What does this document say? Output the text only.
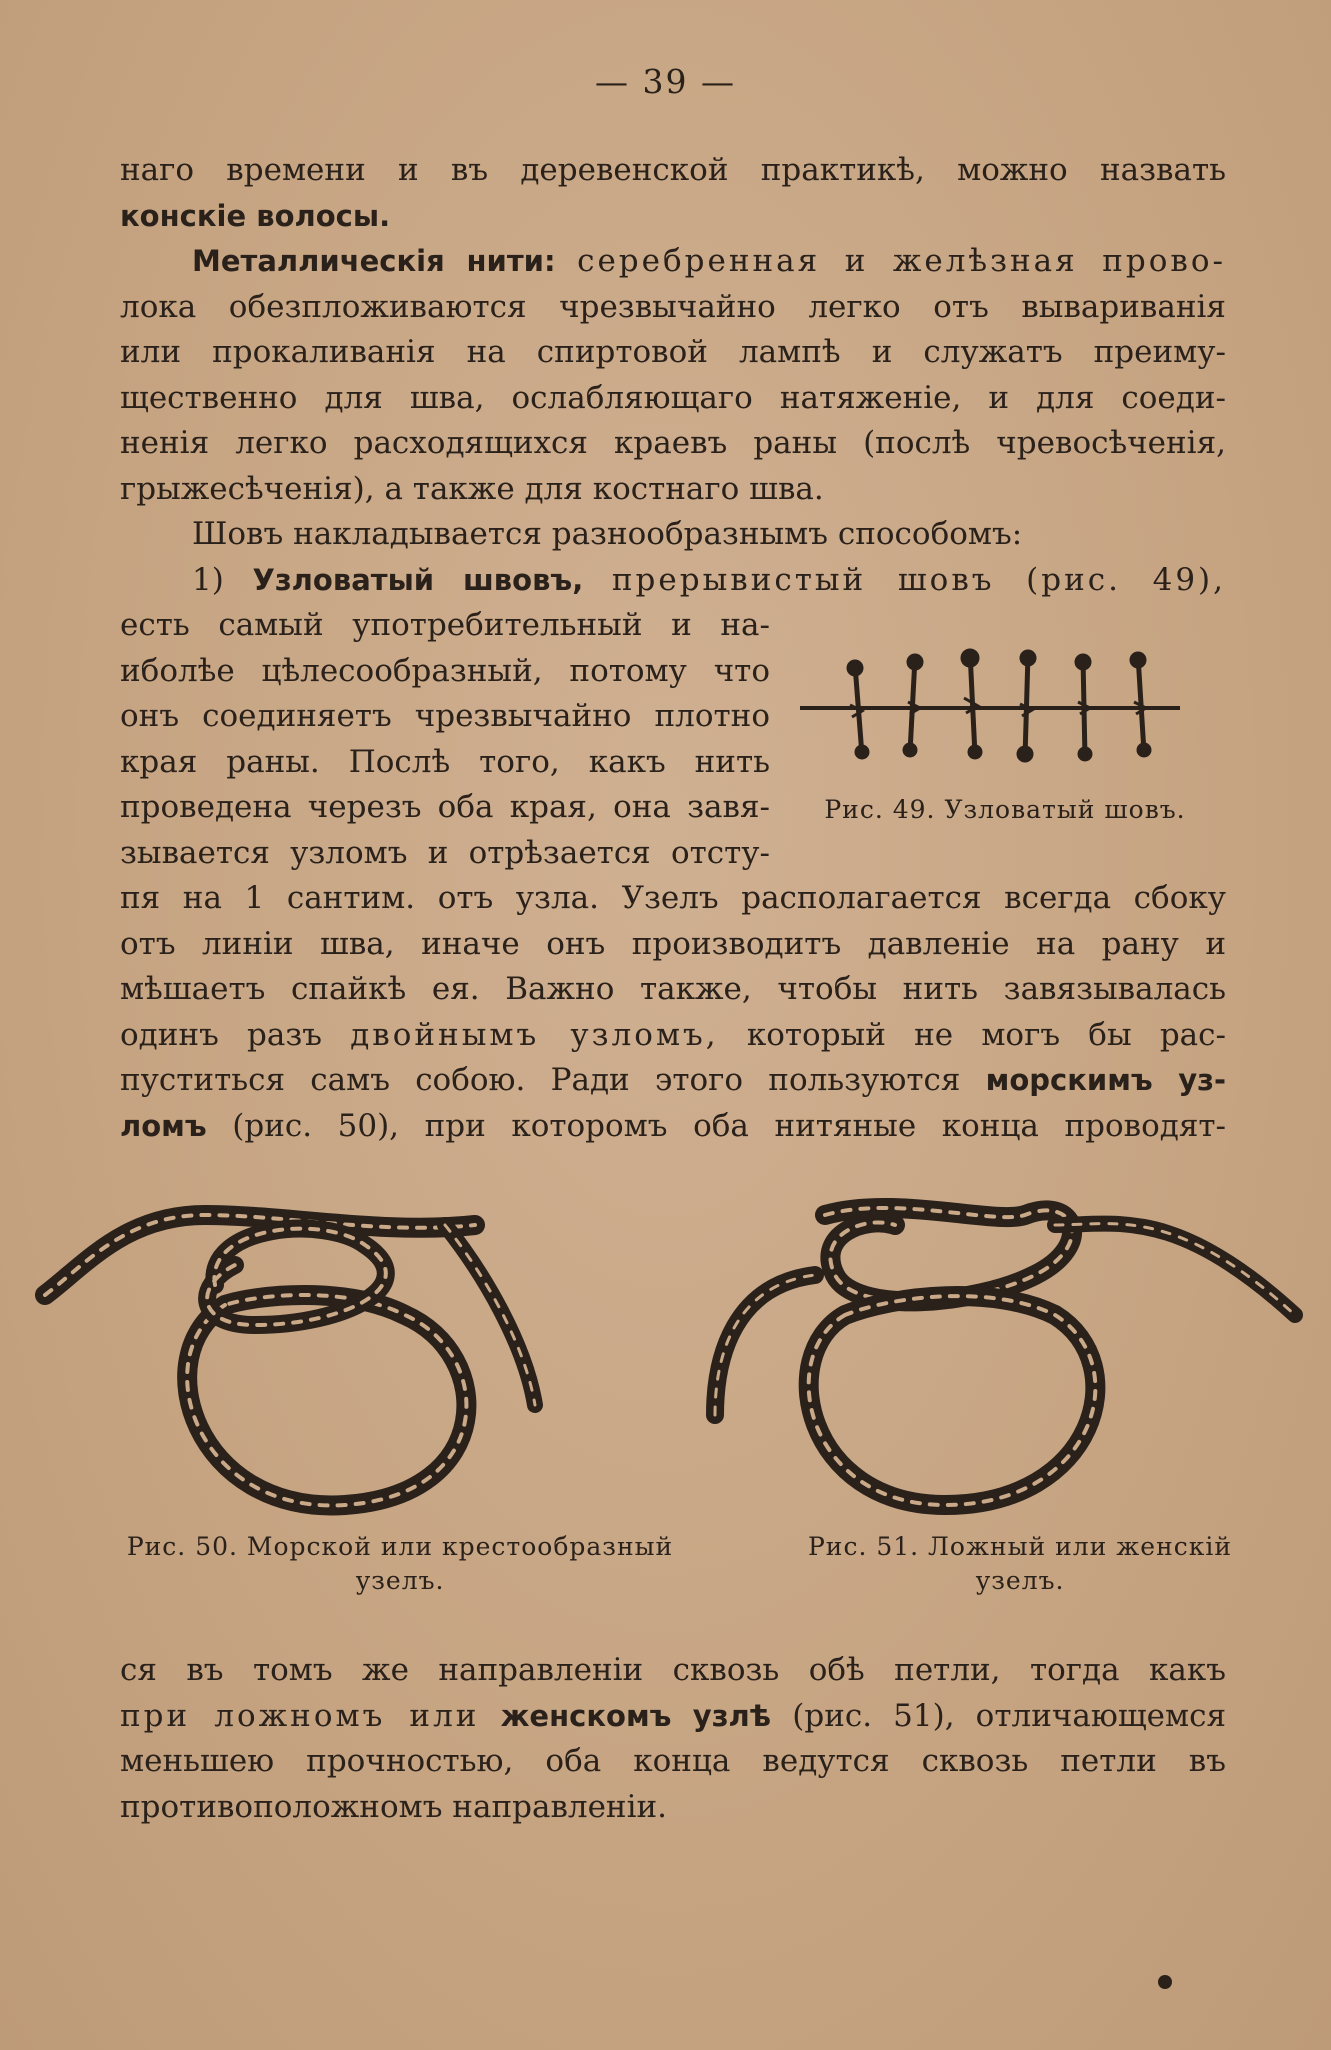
— 39 —
наго времени и въ деревенской практикѣ, можно назвать
конскіе волосы.
Металлическія нити: серебренная и желѣзная прово-
лока обезпложиваются чрезвычайно легко отъ вывариванія
или прокаливанія на спиртовой лампѣ и служатъ преиму-
щественно для шва, ослабляющаго натяженіе, и для соеди-
ненія легко расходящихся краевъ раны (послѣ чревосѣченія,
грыжесѣченія), а также для костнаго шва.
Шовъ накладывается разнообразнымъ способомъ:
1) Узловатый швовъ, прерывистый шовъ (рис. 49),
есть самый употребительный и на-
иболѣе цѣлесообразный, потому что
онъ соединяетъ чрезвычайно плотно
края раны. Послѣ того, какъ нить
проведена черезъ оба края, она завя-
зывается узломъ и отрѣзается отсту-
Рис. 49. Узловатый шовъ.
пя на 1 сантим. отъ узла. Узелъ располагается всегда сбоку
отъ линіи шва, иначе онъ производитъ давленіе на рану и
мѣшаетъ спайкѣ ея. Важно также, чтобы нить завязывалась
одинъ разъ двойнымъ узломъ, который не могъ бы рас-
пуститься самъ собою. Ради этого пользуются морскимъ уз-
ломъ (рис. 50), при которомъ оба нитяные конца проводят-
Рис. 50. Морской или крестообразный
узелъ.
Рис. 51. Ложный или женскій
узелъ.
ся въ томъ же направленіи сквозь обѣ петли, тогда какъ
при ложномъ или женскомъ узлѣ (рис. 51), отличающемся
меньшею прочностью, оба конца ведутся сквозь петли въ
противоположномъ направленіи.
